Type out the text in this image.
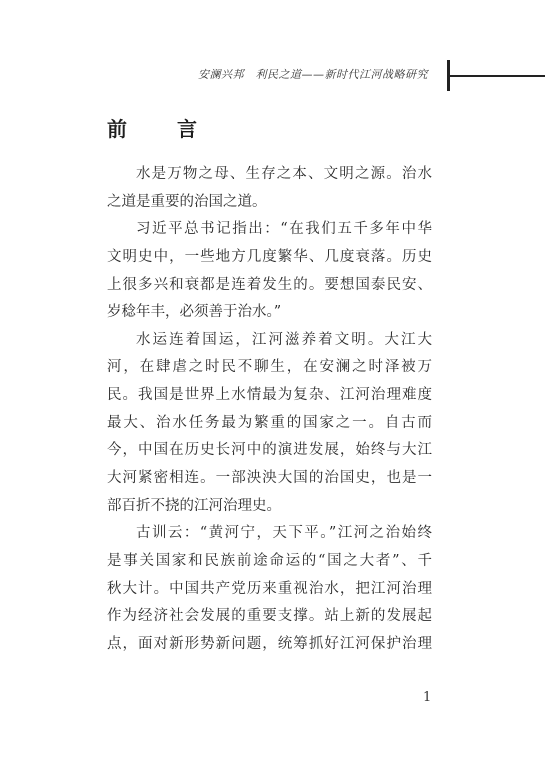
安澜兴邦　利民之道——新时代江河战略研究
前　言
水是万物之母、生存之本、文明之源。治水
之道是重要的治国之道。
习近平总书记指出：“在我们五千多年中华
文明史中，一些地方几度繁华、几度衰落。历史
上很多兴和衰都是连着发生的。要想国泰民安、
岁稔年丰，必须善于治水。”
水运连着国运，江河滋养着文明。大江大
河，在肆虐之时民不聊生，在安澜之时泽被万
民。我国是世界上水情最为复杂、江河治理难度
最大、治水任务最为繁重的国家之一。自古而
今，中国在历史长河中的演进发展，始终与大江
大河紧密相连。一部泱泱大国的治国史，也是一
部百折不挠的江河治理史。
古训云：“黄河宁，天下平。”江河之治始终
是事关国家和民族前途命运的“国之大者”、千
秋大计。中国共产党历来重视治水，把江河治理
作为经济社会发展的重要支撑。站上新的发展起
点，面对新形势新问题，统筹抓好江河保护治理
1
